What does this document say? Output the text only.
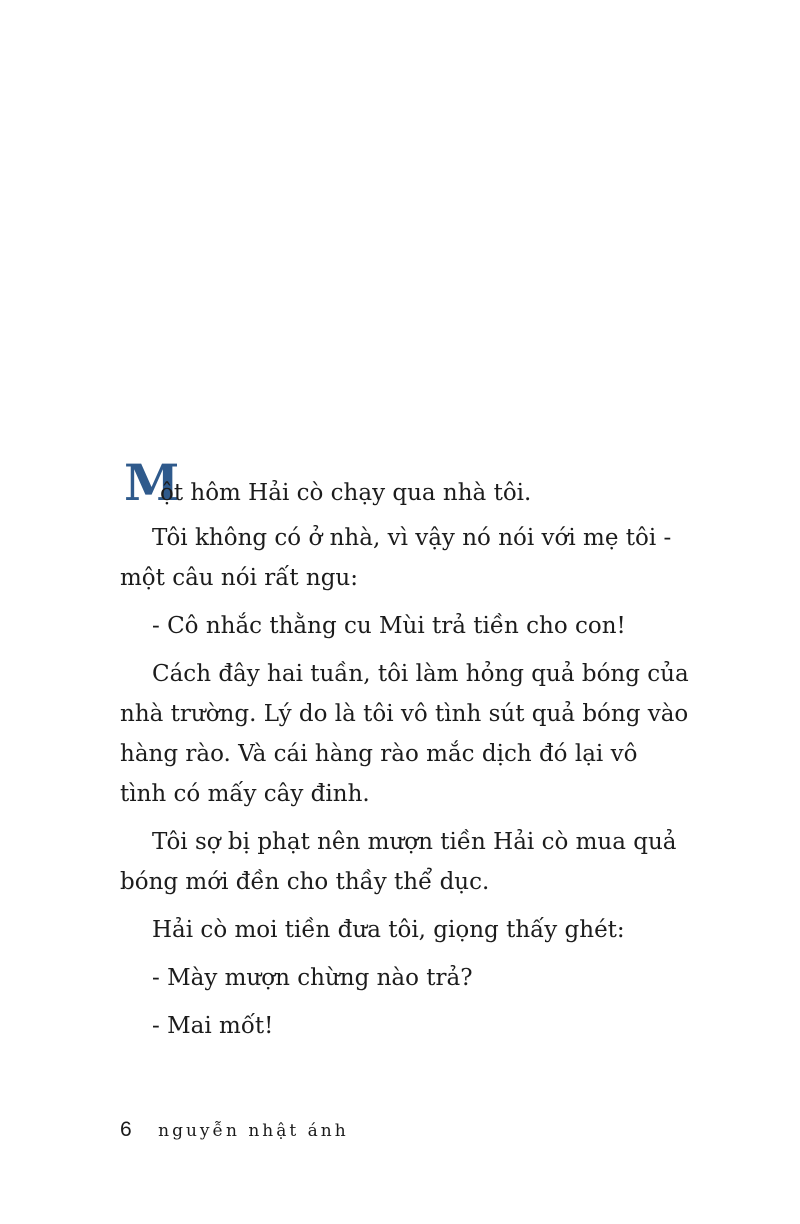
M
ột hôm Hải cò chạy qua nhà tôi.

Tôi không có ở nhà, vì vậy nó nói với mẹ tôi - một câu nói rất ngu:

- Cô nhắc thằng cu Mùi trả tiền cho con!

Cách đây hai tuần, tôi làm hỏng quả bóng của nhà trường. Lý do là tôi vô tình sút quả bóng vào hàng rào. Và cái hàng rào mắc dịch đó lại vô tình có mấy cây đinh.

Tôi sợ bị phạt nên mượn tiền Hải cò mua quả bóng mới đền cho thầy thể dục.

Hải cò moi tiền đưa tôi, giọng thấy ghét:

- Mày mượn chừng nào trả?

- Mai mốt!

6 nguyễn nhật ánh
